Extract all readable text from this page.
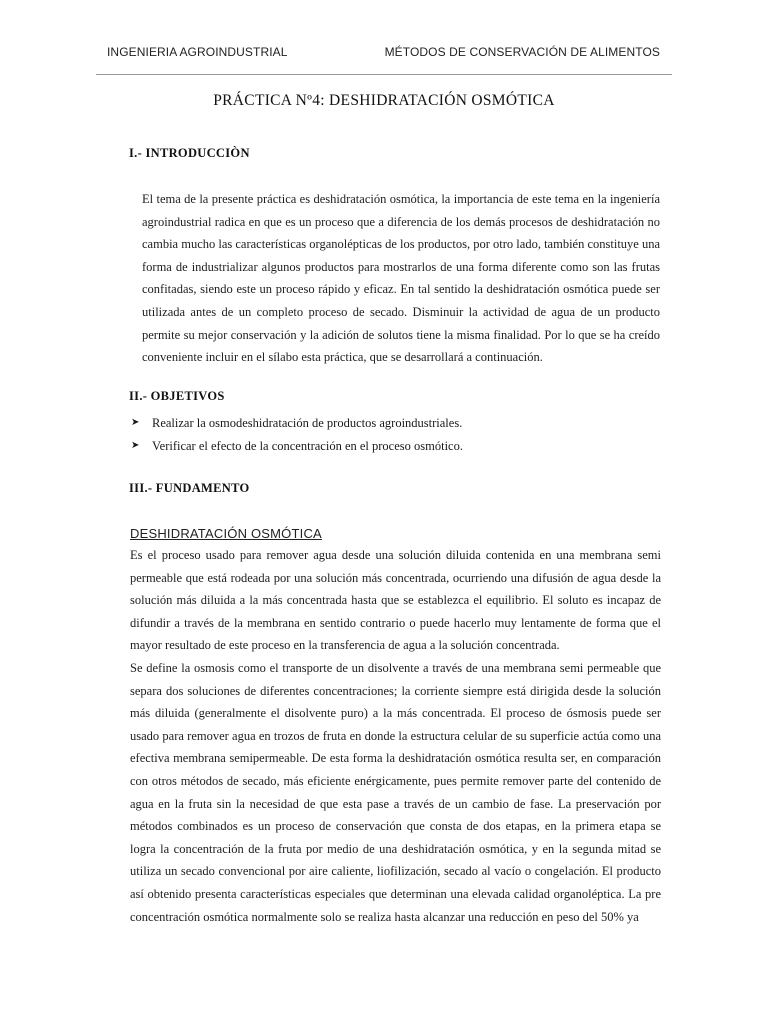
INGENIERIA AGROINDUSTRIAL	MÉTODOS DE CONSERVACIÓN DE ALIMENTOS
PRÁCTICA Nº4: DESHIDRATACIÓN OSMÓTICA
I.- INTRODUCCIÒN

El tema de la presente práctica es deshidratación osmótica, la importancia de este tema en la ingeniería agroindustrial radica en que es un proceso que a diferencia de los demás procesos de deshidratación no cambia mucho las características organolépticas de los productos, por otro lado, también constituye una forma de industrializar algunos productos para mostrarlos de una forma diferente como son las frutas confitadas, siendo este un proceso rápido y eficaz. En tal sentido la deshidratación osmótica puede ser utilizada antes de un completo proceso de secado. Disminuir la actividad de agua de un producto permite su mejor conservación y la adición de solutos tiene la misma finalidad. Por lo que se ha creído conveniente incluir en el sílabo esta práctica, que se desarrollará a continuación.

II.- OBJETIVOS
➤ Realizar la osmodeshidratación de productos agroindustriales.
➤ Verificar el efecto de la concentración en el proceso osmótico.
III.- FUNDAMENTO
DESHIDRATACIÓN OSMÓTICA

Es el proceso usado para remover agua desde una solución diluida contenida en una membrana semi permeable que está rodeada por una solución más concentrada, ocurriendo una difusión de agua desde la solución más diluida a la más concentrada hasta que se establezca el equilibrio. El soluto es incapaz de difundir a través de la membrana en sentido contrario o puede hacerlo muy lentamente de forma que el mayor resultado de este proceso en la transferencia de agua a la solución concentrada.

Se define la osmosis como el transporte de un disolvente a través de una membrana semi permeable que separa dos soluciones de diferentes concentraciones; la corriente siempre está dirigida desde la solución más diluida (generalmente el disolvente puro) a la más concentrada. El proceso de ósmosis puede ser usado para remover agua en trozos de fruta en donde la estructura celular de su superficie actúa como una efectiva membrana semipermeable. De esta forma la deshidratación osmótica resulta ser, en comparación con otros métodos de secado, más eficiente enérgicamente, pues permite remover parte del contenido de agua en la fruta sin la necesidad de que esta pase a través de un cambio de fase. La preservación por métodos combinados es un proceso de conservación que consta de dos etapas, en la primera etapa se logra la concentración de la fruta por medio de una deshidratación osmótica, y en la segunda mitad se utiliza un secado convencional por aire caliente, liofilización, secado al vacío o congelación. El producto así obtenido presenta características especiales que determinan una elevada calidad organoléptica. La pre concentración osmótica normalmente solo se realiza hasta alcanzar una reducción en peso del 50% ya
